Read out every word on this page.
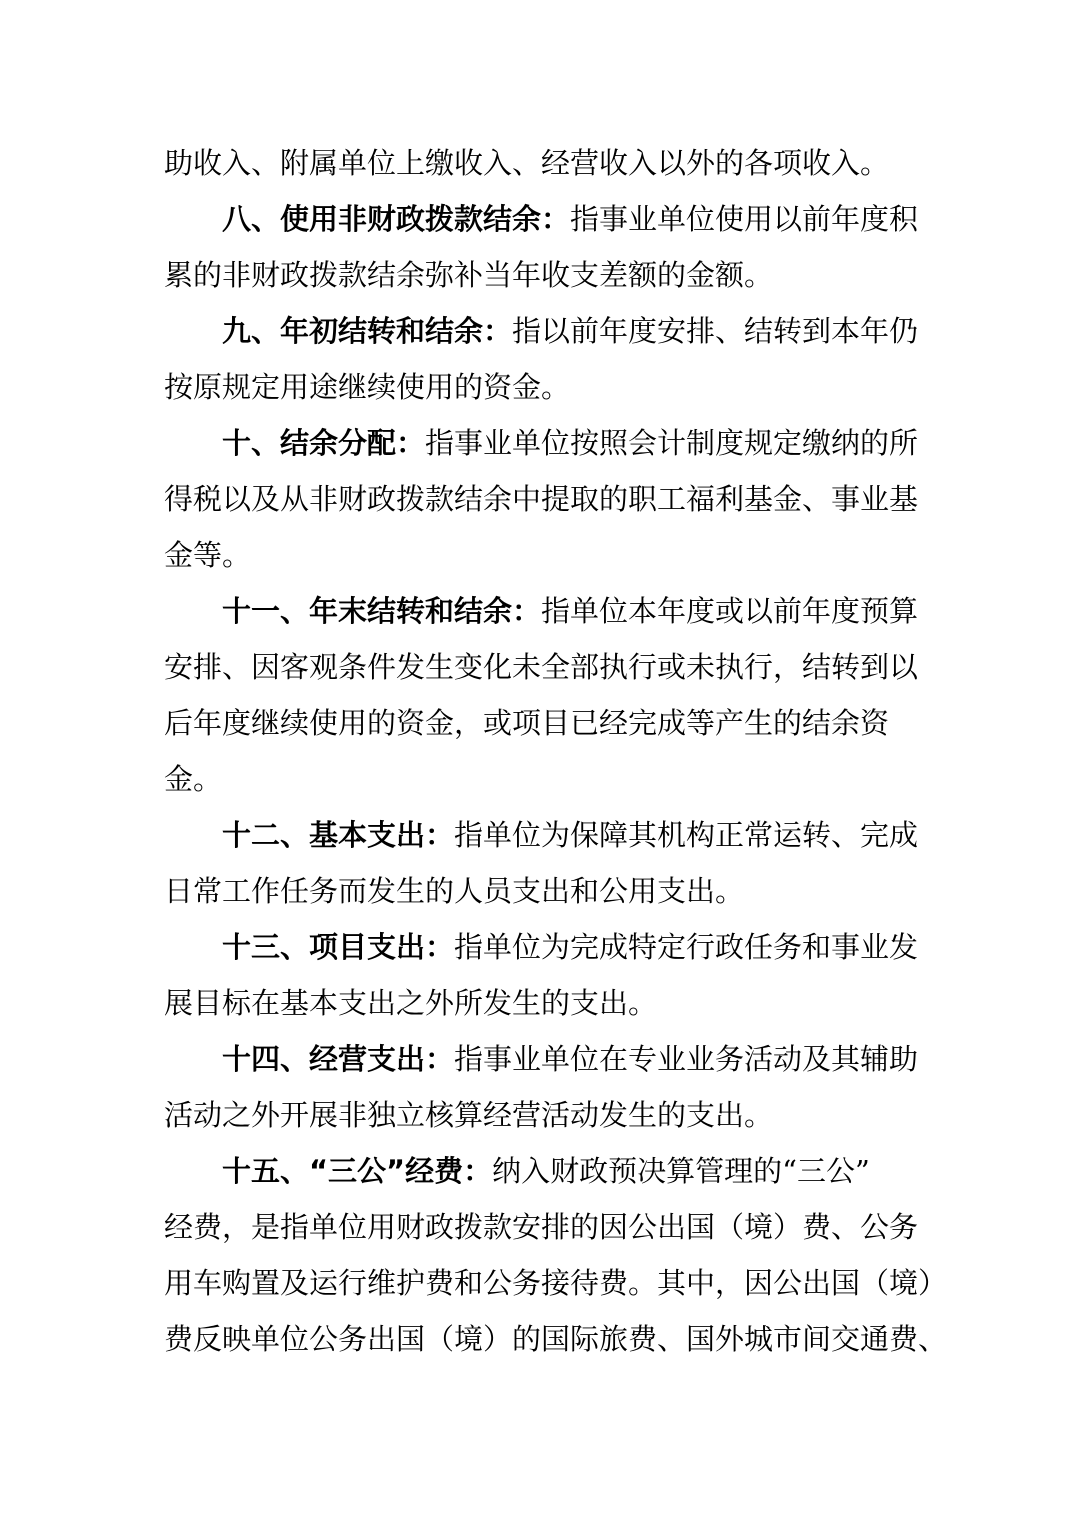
助收入、附属单位上缴收入、经营收入以外的各项收入。
八、使用非财政拨款结余：指事业单位使用以前年度积
累的非财政拨款结余弥补当年收支差额的金额。
九、年初结转和结余：指以前年度安排、结转到本年仍
按原规定用途继续使用的资金。
十、结余分配：指事业单位按照会计制度规定缴纳的所
得税以及从非财政拨款结余中提取的职工福利基金、事业基
金等。
十一、年末结转和结余：指单位本年度或以前年度预算
安排、因客观条件发生变化未全部执行或未执行，结转到以
后年度继续使用的资金，或项目已经完成等产生的结余资
金。
十二、基本支出：指单位为保障其机构正常运转、完成
日常工作任务而发生的人员支出和公用支出。
十三、项目支出：指单位为完成特定行政任务和事业发
展目标在基本支出之外所发生的支出。
十四、经营支出：指事业单位在专业业务活动及其辅助
活动之外开展非独立核算经营活动发生的支出。
十五、“三公”经费：纳入财政预决算管理的“三公”
经费，是指单位用财政拨款安排的因公出国（境）费、公务
用车购置及运行维护费和公务接待费。其中，因公出国（境）
费反映单位公务出国（境）的国际旅费、国外城市间交通费、
